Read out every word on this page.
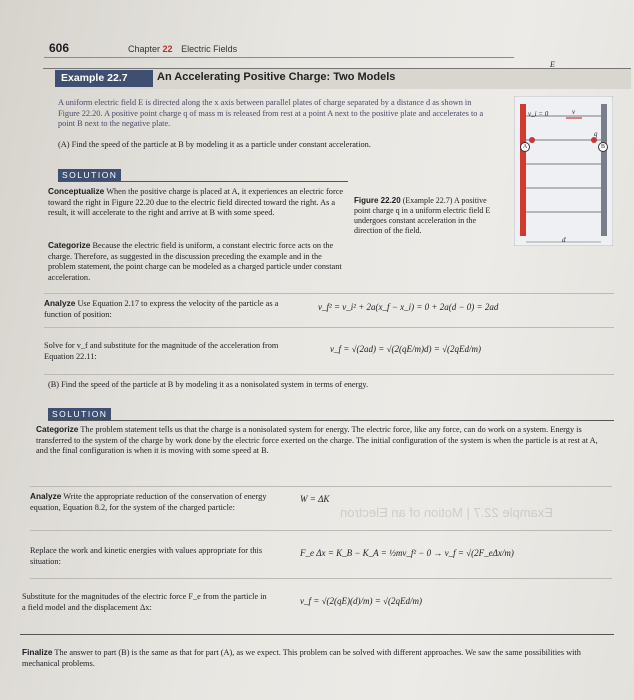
606	Chapter 22 Electric Fields
Example 22.7	An Accelerating Positive Charge: Two Models
A uniform electric field E is directed along the x axis between parallel plates of charge separated by a distance d as shown in Figure 22.20. A positive point charge q of mass m is released from rest at a point A next to the positive plate and accelerates to a point B next to the negative plate.
(A) Find the speed of the particle at B by modeling it as a particle under constant acceleration.
SOLUTION
Conceptualize When the positive charge is placed at A, it experiences an electric force toward the right in Figure 22.20 due to the electric field directed toward the right. As a result, it will accelerate to the right and arrive at B with some speed.
Categorize Because the electric field is uniform, a constant electric force acts on the charge. Therefore, as suggested in the discussion preceding the example and in the problem statement, the point charge can be modeled as a charged particle under constant acceleration.
Figure 22.20 (Example 22.7) A positive point charge q in a uniform electric field E undergoes constant acceleration in the direction of the field.
E
v_i = 0	v
A	B
q
d
Analyze Use Equation 2.17 to express the velocity of the particle as a function of position:
v_f² = v_i² + 2a(x_f − x_i) = 0 + 2a(d − 0) = 2ad
Solve for v_f and substitute for the magnitude of the acceleration from Equation 22.11:
v_f = √(2ad) = √(2(qE/m)d) = √(2qEd/m)
(B) Find the speed of the particle at B by modeling it as a nonisolated system in terms of energy.
SOLUTION
Categorize The problem statement tells us that the charge is a nonisolated system for energy. The electric force, like any force, can do work on a system. Energy is transferred to the system of the charge by work done by the electric force exerted on the charge. The initial configuration of the system is when the particle is at rest at A, and the final configuration is when it is moving with some speed at B.
Analyze Write the appropriate reduction of the conservation of energy equation, Equation 8.2, for the system of the charged particle:
W = ΔK
Replace the work and kinetic energies with values appropriate for this situation:
F_e Δx = K_B − K_A = ½mv_f² − 0 → v_f = √(2F_eΔx/m)
Substitute for the magnitudes of the electric force F_e from the particle in a field model and the displacement Δx:
v_f = √(2(qE)(d)/m) = √(2qEd/m)
Finalize The answer to part (B) is the same as that for part (A), as we expect. This problem can be solved with different approaches. We saw the same possibilities with mechanical problems.
Example 22.7 | Motion of an Electron
